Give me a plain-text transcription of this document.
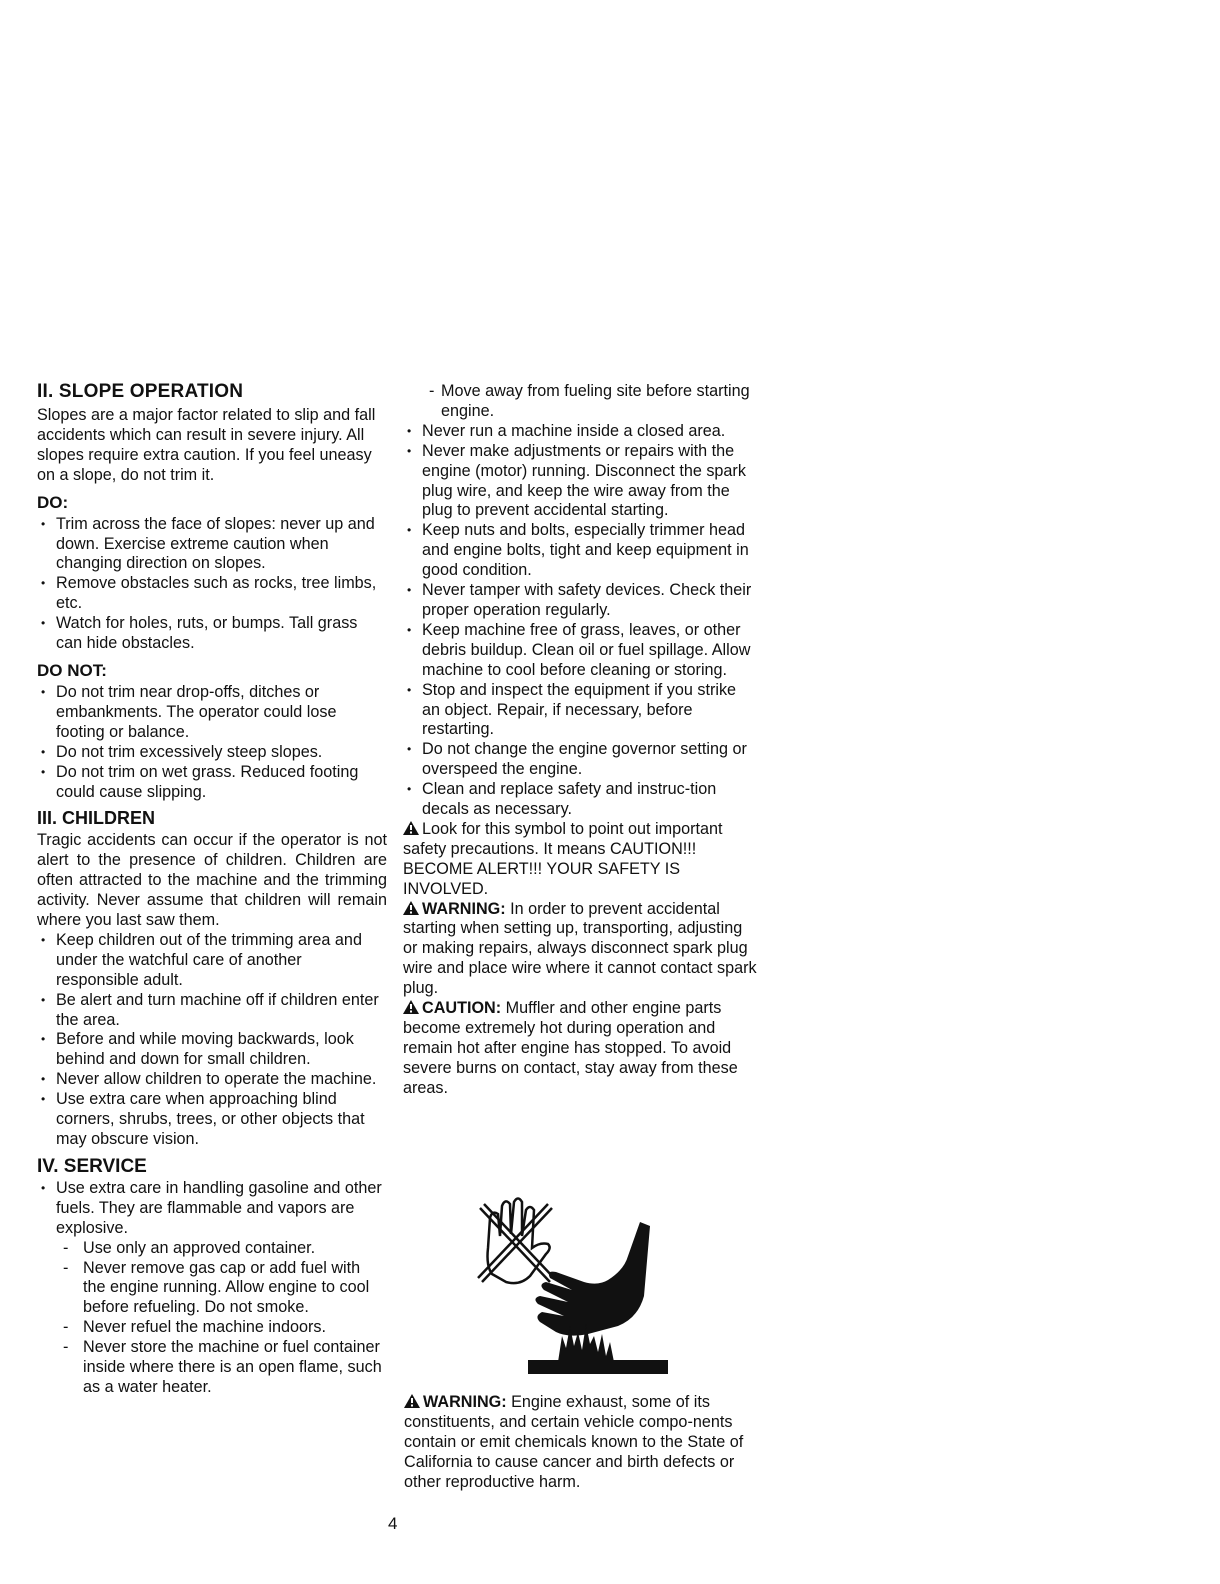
II. SLOPE OPERATION

Slopes are a major factor related to slip and fall accidents which can result in severe injury. All slopes require extra caution. If you feel uneasy on a slope, do not trim it.

DO:
• Trim across the face of slopes: never up and down. Exercise extreme caution when changing direction on slopes.
• Remove obstacles such as rocks, tree limbs, etc.
• Watch for holes, ruts, or bumps. Tall grass can hide obstacles.
DO NOT:
• Do not trim near drop-offs, ditches or embankments. The operator could lose footing or balance.
• Do not trim excessively steep slopes.
• Do not trim on wet grass. Reduced footing could cause slipping.
III. CHILDREN

Tragic accidents can occur if the operator is not alert to the presence of children. Children are often attracted to the machine and the trimming activity. Never assume that children will remain where you last saw them.

• Keep children out of the trimming area and under the watchful care of another responsible adult.
• Be alert and turn machine off if children enter the area.
• Before and while moving backwards, look behind and down for small children.
• Never allow children to operate the machine.
• Use extra care when approaching blind corners, shrubs, trees, or other objects that may obscure vision.
IV. SERVICE
• Use extra care in handling gasoline and other fuels. They are flammable and vapors are explosive.
- Use only an approved container.
- Never remove gas cap or add fuel with the engine running. Allow engine to cool before refueling. Do not smoke.
- Never refuel the machine indoors.
- Never store the machine or fuel container inside where there is an open flame, such as a water heater.
- Move away from fueling site before starting engine.
• Never run a machine inside a closed area.
• Never make adjustments or repairs with the engine (motor) running. Disconnect the spark plug wire, and keep the wire away from the plug to prevent accidental starting.
• Keep nuts and bolts, especially trimmer head and engine bolts, tight and keep equipment in good condition.
• Never tamper with safety devices. Check their proper operation regularly.
• Keep machine free of grass, leaves, or other debris buildup. Clean oil or fuel spillage. Allow machine to cool before cleaning or storing.
• Stop and inspect the equipment if you strike an object. Repair, if necessary, before restarting.
• Do not change the engine governor setting or overspeed the engine.
• Clean and replace safety and instruc-tion decals as necessary.

Look for this symbol to point out important safety precautions. It means CAUTION!!! BECOME ALERT!!! YOUR SAFETY IS INVOLVED.

WARNING: In order to prevent accidental starting when setting up, transporting, adjusting or making repairs, always disconnect spark plug wire and place wire where it cannot contact spark plug.

CAUTION: Muffler and other engine parts become extremely hot during operation and remain hot after engine has stopped. To avoid severe burns on contact, stay away from these areas.

WARNING: Engine exhaust, some of its constituents, and certain vehicle compo-nents contain or emit chemicals known to the State of California to cause cancer and birth defects or other reproductive harm.

4
